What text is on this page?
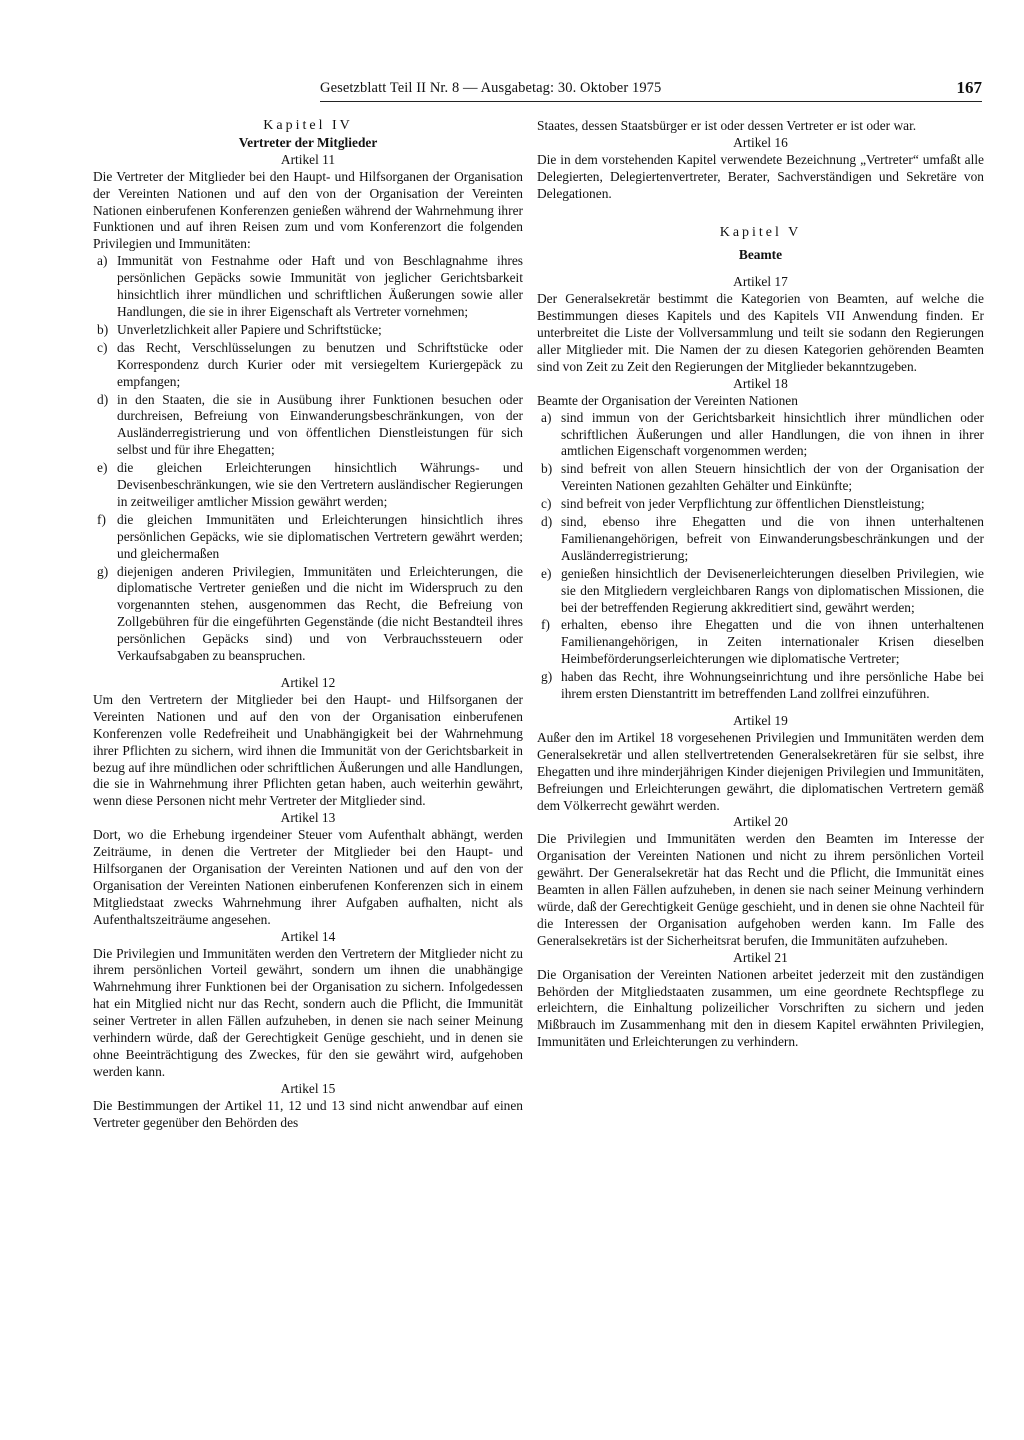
Gesetzblatt Teil II Nr. 8 — Ausgabetag: 30. Oktober 1975	167

Kapitel IV

Vertreter der Mitglieder

Artikel 11

Die Vertreter der Mitglieder bei den Haupt- und Hilfsorganen der Organisation der Vereinten Nationen und auf den von der Organisation der Vereinten Nationen einberufenen Konferenzen genießen während der Wahrnehmung ihrer Funktionen und auf ihren Reisen zum und vom Konferenzort die folgenden Privilegien und Immunitäten:

a) Immunität von Festnahme oder Haft und von Beschlagnahme ihres persönlichen Gepäcks sowie Immunität von jeglicher Gerichtsbarkeit hinsichtlich ihrer mündlichen und schriftlichen Äußerungen sowie aller Handlungen, die sie in ihrer Eigenschaft als Vertreter vornehmen;
b) Unverletzlichkeit aller Papiere und Schriftstücke;
c) das Recht, Verschlüsselungen zu benutzen und Schriftstücke oder Korrespondenz durch Kurier oder mit versiegeltem Kuriergepäck zu empfangen;
d) in den Staaten, die sie in Ausübung ihrer Funktionen besuchen oder durchreisen, Befreiung von Einwanderungsbeschränkungen, von der Ausländerregistrierung und von öffentlichen Dienstleistungen für sich selbst und für ihre Ehegatten;
e) die gleichen Erleichterungen hinsichtlich Währungs- und Devisenbeschränkungen, wie sie den Vertretern ausländischer Regierungen in zeitweiliger amtlicher Mission gewährt werden;
f) die gleichen Immunitäten und Erleichterungen hinsichtlich ihres persönlichen Gepäcks, wie sie diplomatischen Vertretern gewährt werden; und gleichermaßen
g) diejenigen anderen Privilegien, Immunitäten und Erleichterungen, die diplomatische Vertreter genießen und die nicht im Widerspruch zu den vorgenannten stehen, ausgenommen das Recht, die Befreiung von Zollgebühren für die eingeführten Gegenstände (die nicht Bestandteil ihres persönlichen Gepäcks sind) und von Verbrauchssteuern oder Verkaufsabgaben zu beanspruchen.

Artikel 12

Um den Vertretern der Mitglieder bei den Haupt- und Hilfsorganen der Vereinten Nationen und auf den von der Organisation einberufenen Konferenzen volle Redefreiheit und Unabhängigkeit bei der Wahrnehmung ihrer Pflichten zu sichern, wird ihnen die Immunität von der Gerichtsbarkeit in bezug auf ihre mündlichen oder schriftlichen Äußerungen und alle Handlungen, die sie in Wahrnehmung ihrer Pflichten getan haben, auch weiterhin gewährt, wenn diese Personen nicht mehr Vertreter der Mitglieder sind.

Artikel 13

Dort, wo die Erhebung irgendeiner Steuer vom Aufenthalt abhängt, werden Zeiträume, in denen die Vertreter der Mitglieder bei den Haupt- und Hilfsorganen der Organisation der Vereinten Nationen und auf den von der Organisation der Vereinten Nationen einberufenen Konferenzen sich in einem Mitgliedstaat zwecks Wahrnehmung ihrer Aufgaben aufhalten, nicht als Aufenthaltszeiträume angesehen.

Artikel 14

Die Privilegien und Immunitäten werden den Vertretern der Mitglieder nicht zu ihrem persönlichen Vorteil gewährt, sondern um ihnen die unabhängige Wahrnehmung ihrer Funktionen bei der Organisation zu sichern. Infolgedessen hat ein Mitglied nicht nur das Recht, sondern auch die Pflicht, die Immunität seiner Vertreter in allen Fällen aufzuheben, in denen sie nach seiner Meinung verhindern würde, daß der Gerechtigkeit Genüge geschieht, und in denen sie ohne Beeinträchtigung des Zweckes, für den sie gewährt wird, aufgehoben werden kann.

Artikel 15

Die Bestimmungen der Artikel 11, 12 und 13 sind nicht anwendbar auf einen Vertreter gegenüber den Behörden des

Staates, dessen Staatsbürger er ist oder dessen Vertreter er ist oder war.

Artikel 16

Die in dem vorstehenden Kapitel verwendete Bezeichnung „Vertreter“ umfaßt alle Delegierten, Delegiertenvertreter, Berater, Sachverständigen und Sekretäre von Delegationen.

Kapitel V

Beamte

Artikel 17

Der Generalsekretär bestimmt die Kategorien von Beamten, auf welche die Bestimmungen dieses Kapitels und des Kapitels VII Anwendung finden. Er unterbreitet die Liste der Vollversammlung und teilt sie sodann den Regierungen aller Mitglieder mit. Die Namen der zu diesen Kategorien gehörenden Beamten sind von Zeit zu Zeit den Regierungen der Mitglieder bekanntzugeben.

Artikel 18

Beamte der Organisation der Vereinten Nationen

a) sind immun von der Gerichtsbarkeit hinsichtlich ihrer mündlichen oder schriftlichen Äußerungen und aller Handlungen, die von ihnen in ihrer amtlichen Eigenschaft vorgenommen werden;
b) sind befreit von allen Steuern hinsichtlich der von der Organisation der Vereinten Nationen gezahlten Gehälter und Einkünfte;
c) sind befreit von jeder Verpflichtung zur öffentlichen Dienstleistung;
d) sind, ebenso ihre Ehegatten und die von ihnen unterhaltenen Familienangehörigen, befreit von Einwanderungsbeschränkungen und der Ausländerregistrierung;
e) genießen hinsichtlich der Devisenerleichterungen dieselben Privilegien, wie sie den Mitgliedern vergleichbaren Rangs von diplomatischen Missionen, die bei der betreffenden Regierung akkreditiert sind, gewährt werden;
f) erhalten, ebenso ihre Ehegatten und die von ihnen unterhaltenen Familienangehörigen, in Zeiten internationaler Krisen dieselben Heimbeförderungserleichterungen wie diplomatische Vertreter;
g) haben das Recht, ihre Wohnungseinrichtung und ihre persönliche Habe bei ihrem ersten Dienstantritt im betreffenden Land zollfrei einzuführen.

Artikel 19

Außer den im Artikel 18 vorgesehenen Privilegien und Immunitäten werden dem Generalsekretär und allen stellvertretenden Generalsekretären für sie selbst, ihre Ehegatten und ihre minderjährigen Kinder diejenigen Privilegien und Immunitäten, Befreiungen und Erleichterungen gewährt, die diplomatischen Vertretern gemäß dem Völkerrecht gewährt werden.

Artikel 20

Die Privilegien und Immunitäten werden den Beamten im Interesse der Organisation der Vereinten Nationen und nicht zu ihrem persönlichen Vorteil gewährt. Der Generalsekretär hat das Recht und die Pflicht, die Immunität eines Beamten in allen Fällen aufzuheben, in denen sie nach seiner Meinung verhindern würde, daß der Gerechtigkeit Genüge geschieht, und in denen sie ohne Nachteil für die Interessen der Organisation aufgehoben werden kann. Im Falle des Generalsekretärs ist der Sicherheitsrat berufen, die Immunitäten aufzuheben.

Artikel 21

Die Organisation der Vereinten Nationen arbeitet jederzeit mit den zuständigen Behörden der Mitgliedstaaten zusammen, um eine geordnete Rechtspflege zu erleichtern, die Einhaltung polizeilicher Vorschriften zu sichern und jeden Mißbrauch im Zusammenhang mit den in diesem Kapitel erwähnten Privilegien, Immunitäten und Erleichterungen zu verhindern.
